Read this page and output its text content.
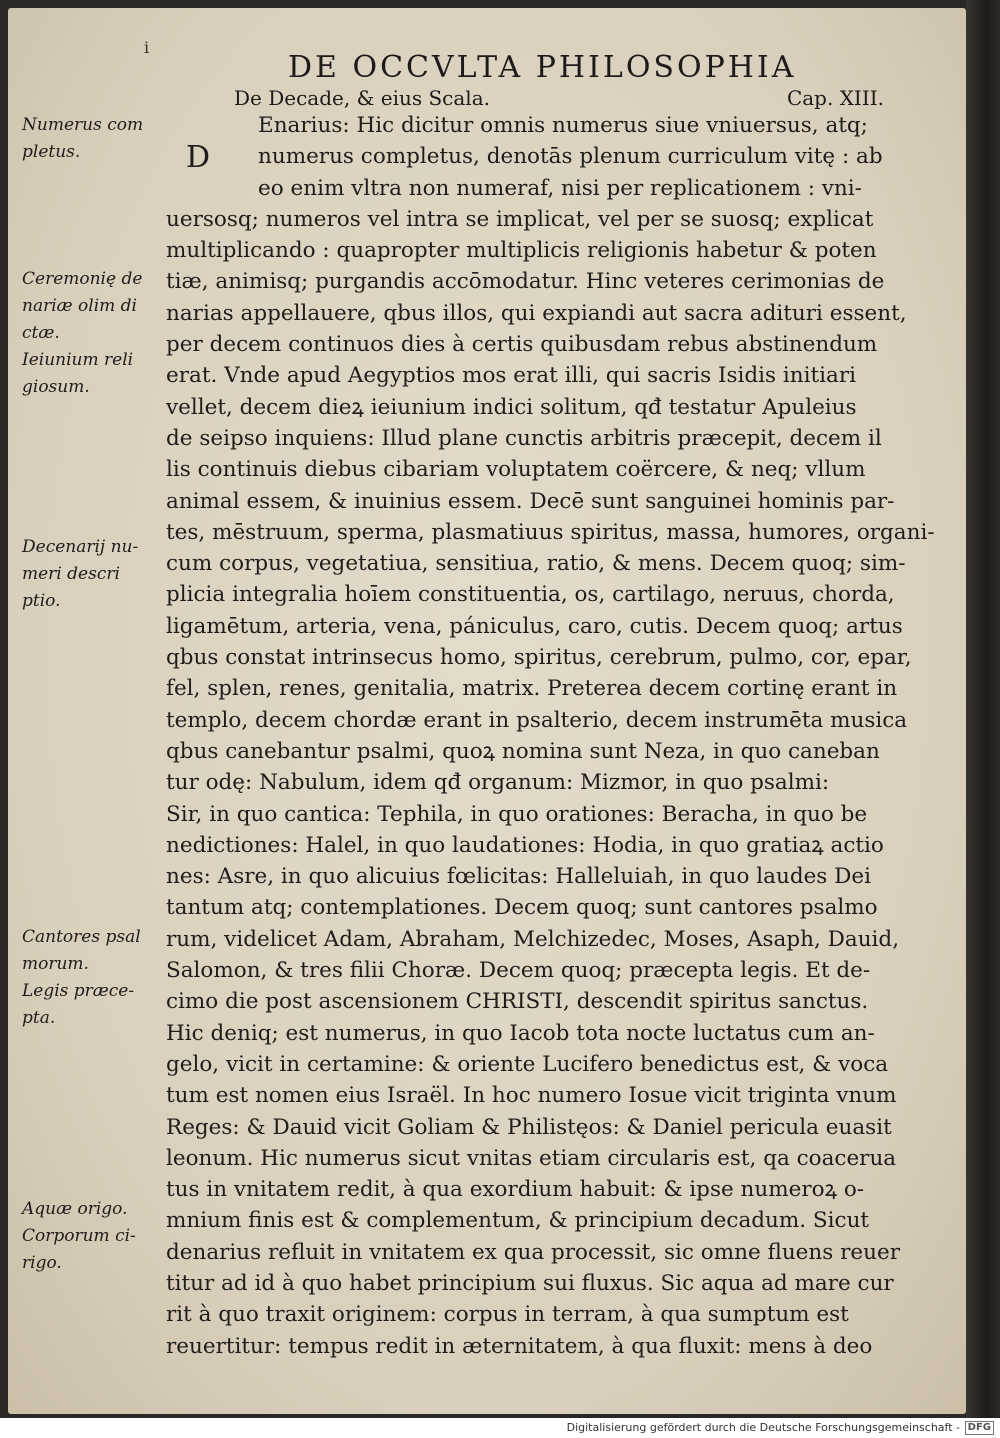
i
DE OCCVLTA PHILOSOPHIA
De Decade, & eius Scala.	Cap. XIII.
D
Enarius: Hic dicitur omnis numerus siue vniuersus, atq;
numerus completus, denotās plenum curriculum vitę : ab
eo enim vltra non numeraf, nisi per replicationem : vni-
uersosq; numeros vel intra se implicat, vel per se suosq; explicat
multiplicando : quapropter multiplicis religionis habetur & poten
tiæ, animisq; purgandis accōmodatur. Hinc veteres cerimonias de
narias appellauere, qbus illos, qui expiandi aut sacra adituri essent,
per decem continuos dies à certis quibusdam rebus abstinendum
erat. Vnde apud Aegyptios mos erat illi, qui sacris Isidis initiari
vellet, decem dieꝝ ieiunium indici solitum, qđ testatur Apuleius
de seipso inquiens: Illud plane cunctis arbitris præcepit, decem il
lis continuis diebus cibariam voluptatem coërcere, & neq; vllum
animal essem, & inuinius essem. Decē sunt sanguinei hominis par-
tes, mēstruum, sperma, plasmatiuus spiritus, massa, humores, organi-
cum corpus, vegetatiua, sensitiua, ratio, & mens. Decem quoq; sim-
plicia integralia hoīem constituentia, os, cartilago, neruus, chorda,
ligamētum, arteria, vena, pániculus, caro, cutis. Decem quoq; artus
qbus constat intrinsecus homo, spiritus, cerebrum, pulmo, cor, epar,
fel, splen, renes, genitalia, matrix. Preterea decem cortinę erant in
templo, decem chordæ erant in psalterio, decem instrumēta musica
qbus canebantur psalmi, quoꝝ nomina sunt Neza, in quo caneban
tur odę: Nabulum, idem qđ organum: Mizmor, in quo psalmi:
Sir, in quo cantica: Tephila, in quo orationes: Beracha, in quo be
nedictiones: Halel, in quo laudationes: Hodia, in quo gratiaꝝ actio
nes: Asre, in quo alicuius fœlicitas: Halleluiah, in quo laudes Dei
tantum atq; contemplationes. Decem quoq; sunt cantores psalmo
rum, videlicet Adam, Abraham, Melchizedec, Moses, Asaph, Dauid,
Salomon, & tres filii Choræ. Decem quoq; præcepta legis. Et de-
cimo die post ascensionem CHRISTI, descendit spiritus sanctus.
Hic deniq; est numerus, in quo Iacob tota nocte luctatus cum an-
gelo, vicit in certamine: & oriente Lucifero benedictus est, & voca
tum est nomen eius Israël. In hoc numero Iosue vicit triginta vnum
Reges: & Dauid vicit Goliam & Philistęos: & Daniel pericula euasit
leonum. Hic numerus sicut vnitas etiam circularis est, qa coacerua
tus in vnitatem redit, à qua exordium habuit: & ipse numeroꝝ o-
mnium finis est & complementum, & principium decadum. Sicut
denarius refluit in vnitatem ex qua processit, sic omne fluens reuer
titur ad id à quo habet principium sui fluxus. Sic aqua ad mare cur
rit à quo traxit originem: corpus in terram, à qua sumptum est
reuertitur: tempus redit in æternitatem, à qua fluxit: mens à deo
Numerus com
pletus.
Ceremonię de
nariæ olim di
ctæ.
Ieiunium reli
giosum.
Decenarij nu-
meri descri
ptio.
Cantores psal
morum.
Legis præce-
pta.
Aquæ origo.
Corporum ci-
rigo.
Digitalisierung gefördert durch die Deutsche Forschungsgemeinschaft - DFG
